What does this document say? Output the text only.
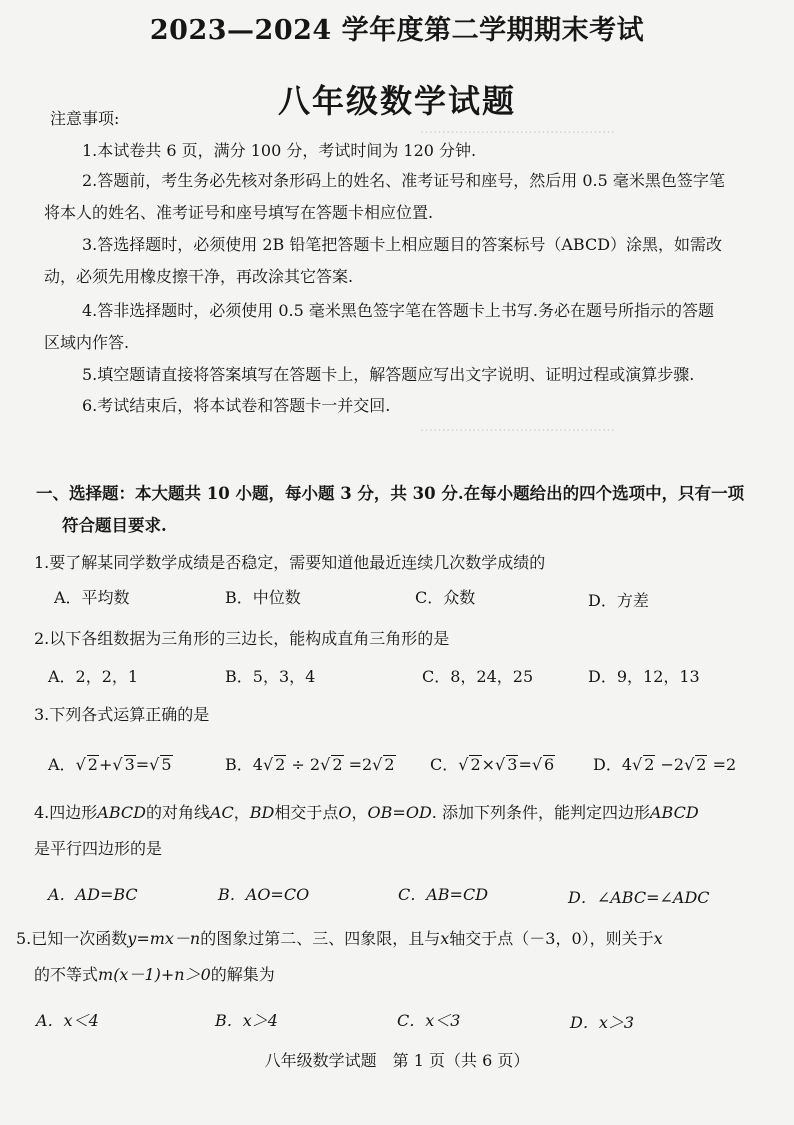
………………………………………
………………………………………
2023—2024 学年度第二学期期末考试
八年级数学试题
注意事项:
1.本试卷共 6 页，满分 100 分，考试时间为 120 分钟.
2.答题前，考生务必先核对条形码上的姓名、准考证号和座号，然后用 0.5 毫米黑色签字笔
将本人的姓名、准考证号和座号填写在答题卡相应位置.
3.答选择题时，必须使用 2B 铅笔把答题卡上相应题目的答案标号（ABCD）涂黑，如需改
动，必须先用橡皮擦干净，再改涂其它答案.
4.答非选择题时，必须使用 0.5 毫米黑色签字笔在答题卡上书写.务必在题号所指示的答题
区域内作答.
5.填空题请直接将答案填写在答题卡上，解答题应写出文字说明、证明过程或演算步骤.
6.考试结束后，将本试卷和答题卡一并交回.
一、选择题：本大题共 10 小题，每小题 3 分，共 30 分.在每小题给出的四个选项中，只有一项
符合题目要求.
1.要了解某同学数学成绩是否稳定，需要知道他最近连续几次数学成绩的
A．平均数	B．中位数	C．众数	D．方差
2.以下各组数据为三角形的三边长，能构成直角三角形的是
A．2，2，1	B．5，3，4	C．8，24，25	D．9，12，13
3.下列各式运算正确的是
A．√ 2+√ 3=√ 5	B．4√ 2 ÷ 2√ 2 =2√ 2 C．√ 2×√ 3=√ 6 D．4√ 2 −2√ 2 =2
4.四边形ABCD的对角线AC，BD相交于点O，OB=OD. 添加下列条件，能判定四边形ABCD
是平行四边形的是
A．AD=BC	B．AO=CO	C．AB=CD	D．∠ABC=∠ADC
5.已知一次函数y=mx－n的图象过第二、三、四象限，且与x轴交于点（－3，0），则关于x
的不等式m(x－1)+n＞0的解集为
A．x＜4	B．x＞4	C．x＜3	D．x＞3
八年级数学试题　第 1 页（共 6 页）
